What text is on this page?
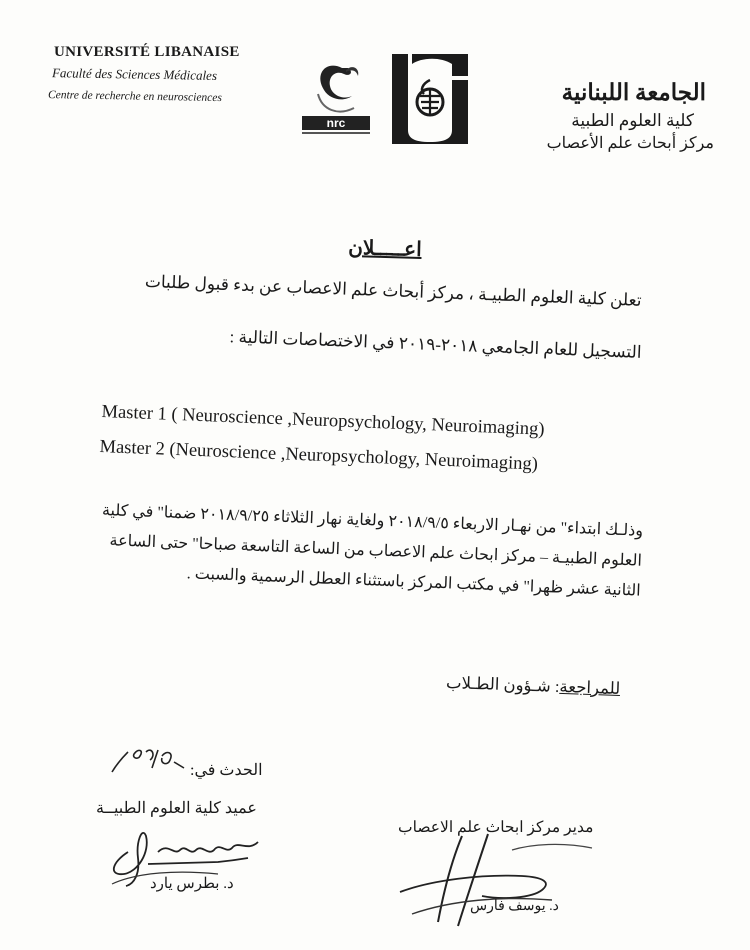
UNIVERSITÉ LIBANAISE
Faculté des Sciences Médicales
Centre de recherche en neurosciences
nrc
الجامعة اللبنانية
كلية العلوم الطبية
مركز أبحاث علم الأعصاب
اعـــــلان
تعلن كلية العلوم الطبيـة ، مركز أبحاث علم الاعصاب عن بدء قبول طلبات
التسجيل للعام الجامعي ٢٠١٨-٢٠١٩ في الاختصاصات التالية :
Master 1 ( Neuroscience ,Neuropsychology, Neuroimaging)
Master 2 (Neuroscience ,Neuropsychology, Neuroimaging)
وذلـك ابتداء" من نهـار الاربعاء ٢٠١٨/٩/٥ ولغاية نهار الثلاثاء ٢٠١٨/٩/٢٥ ضمنا" في كلية العلوم الطبيـة – مركز ابحاث علم الاعصاب من الساعة التاسعة صباحا" حتى الساعة الثانية عشر ظهرا" في مكتب المركز باستثناء العطل الرسمية والسبت .
للمراجعة: شـؤون الطـلاب
الحدث في:
عميد كلية العلوم الطبيــة
د. بطرس يارد
مدير مركز ابحاث علم الاعصاب
د. يوسف فارس
